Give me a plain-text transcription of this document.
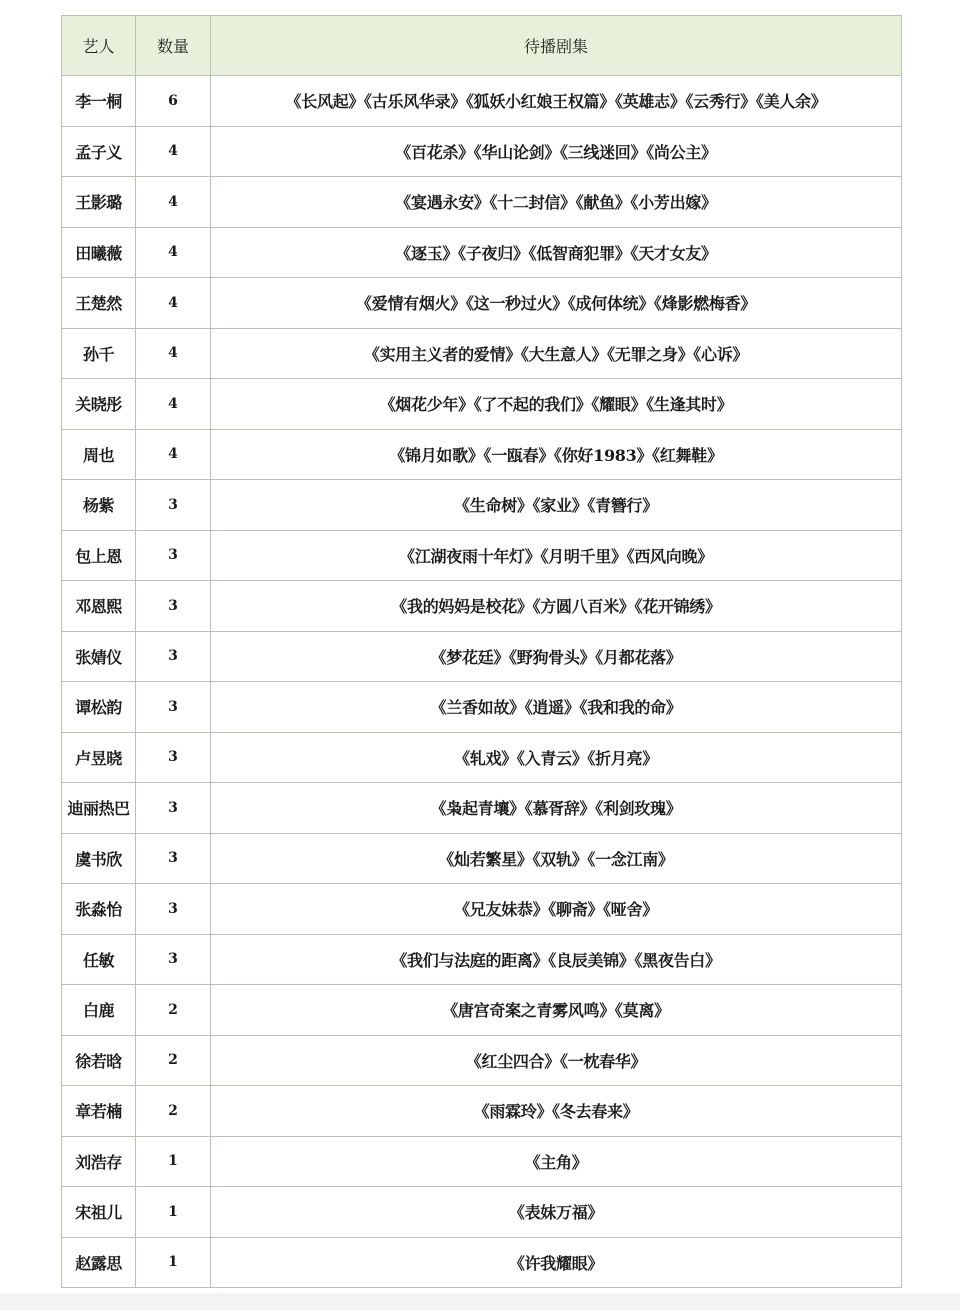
艺人	数量	待播剧集
李一桐	6	《长风起》《古乐风华录》《狐妖小红娘王权篇》《英雄志》《云秀行》《美人余》
孟子义	4	《百花杀》《华山论剑》《三线迷回》《尚公主》
王影璐	4	《宴遇永安》《十二封信》《献鱼》《小芳出嫁》
田曦薇	4	《逐玉》《子夜归》《低智商犯罪》《天才女友》
王楚然	4	《爱情有烟火》《这一秒过火》《成何体统》《烽影燃梅香》
孙千	4	《实用主义者的爱情》《大生意人》《无罪之身》《心诉》
关晓彤	4	《烟花少年》《了不起的我们》《耀眼》《生逢其时》
周也	4	《锦月如歌》《一瓯春》《你好1983》《红舞鞋》
杨紫	3	《生命树》《家业》《青簪行》
包上恩	3	《江湖夜雨十年灯》《月明千里》《西风向晚》
邓恩熙	3	《我的妈妈是校花》《方圆八百米》《花开锦绣》
张婧仪	3	《梦花廷》《野狗骨头》《月都花落》
谭松韵	3	《兰香如故》《逍遥》《我和我的命》
卢昱晓	3	《轧戏》《入青云》《折月亮》
迪丽热巴	3	《枭起青壤》《慕胥辞》《利剑玫瑰》
虞书欣	3	《灿若繁星》《双轨》《一念江南》
张淼怡	3	《兄友妹恭》《聊斋》《哑舍》
任敏	3	《我们与法庭的距离》《良辰美锦》《黑夜告白》
白鹿	2	《唐宫奇案之青雾风鸣》《莫离》
徐若晗	2	《红尘四合》《一枕春华》
章若楠	2	《雨霖玲》《冬去春来》
刘浩存	1	《主角》
宋祖儿	1	《表妹万福》
赵露思	1	《许我耀眼》
